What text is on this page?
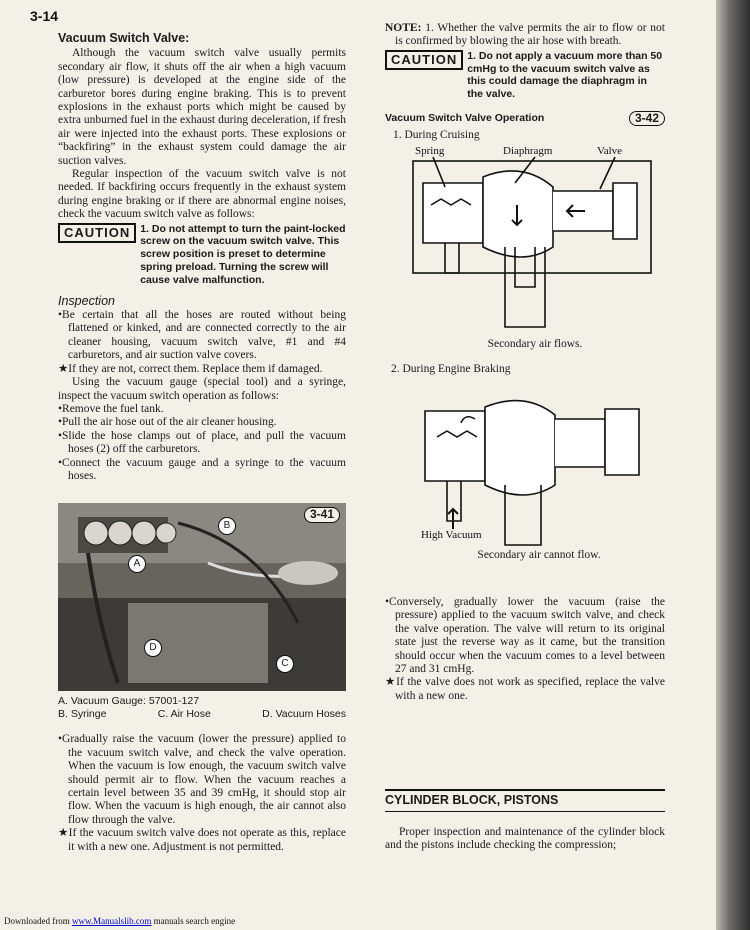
3-14
Vacuum Switch Valve:

Although the vacuum switch valve usually permits secondary air flow, it shuts off the air when a high vacuum (low pressure) is developed at the engine side of the carburetor bores during engine braking. This is to prevent explosions in the exhaust ports which might be caused by extra unburned fuel in the exhaust during deceleration, if fresh air were injected into the exhaust ports. These explosions or “backfiring” in the exhaust system could damage the air suction valves.

Regular inspection of the vacuum switch valve is not needed. If backfiring occurs frequently in the exhaust system during engine braking or if there are abnormal engine noises, check the vacuum switch valve as follows:

CAUTION 1. Do not attempt to turn the paint-locked screw on the vacuum switch valve. This screw position is preset to determine spring preload. Turning the screw will cause valve malfunction.
Inspection

•Be certain that all the hoses are routed without being flattened or kinked, and are connected correctly to the air cleaner housing, vacuum switch valve, #1 and #4 carburetors, and air suction valve covers.

★If they are not, correct them. Replace them if damaged.

Using the vacuum gauge (special tool) and a syringe, inspect the vacuum switch operation as follows:

•Remove the fuel tank.

•Pull the air hose out of the air cleaner housing.

•Slide the hose clamps out of place, and pull the vacuum hoses (2) off the carburetors.

•Connect the vacuum gauge and a syringe to the vacuum hoses.

3-41
A
B
C
D
A. Vacuum Gauge: 57001-127
B. Syringe	C. Air Hose	D. Vacuum Hoses

•Gradually raise the vacuum (lower the pressure) applied to the vacuum switch valve, and check the valve operation. When the vacuum is low enough, the vacuum switch valve should permit air to flow. When the vacuum reaches a certain level between 35 and 39 cmHg, it should stop air flow. When the vacuum is high enough, the air cannot also flow through the valve.

★If the vacuum switch valve does not operate as this, replace it with a new one. Adjustment is not permitted.

NOTE: 1. Whether the valve permits the air to flow or not is confirmed by blowing the air hose with breath.

CAUTION 1. Do not apply a vacuum more than 50 cmHg to the vacuum switch valve as this could damage the diaphragm in the valve.
Vacuum Switch Valve Operation	3-42
1. During Cruising
Spring	Diaphragm	Valve
Secondary air flows.
2. During Engine Braking
High Vacuum
Secondary air cannot flow.

•Conversely, gradually lower the vacuum (raise the pressure) applied to the vacuum switch valve, and check the valve operation. The valve will return to its original state just the reverse way as it came, but the transition should occur when the vacuum comes to a level between 27 and 31 cmHg.

★If the valve does not work as specified, replace the valve with a new one.

CYLINDER BLOCK, PISTONS

Proper inspection and maintenance of the cylinder block and the pistons include checking the compression;

Downloaded from www.Manualslib.com manuals search engine
